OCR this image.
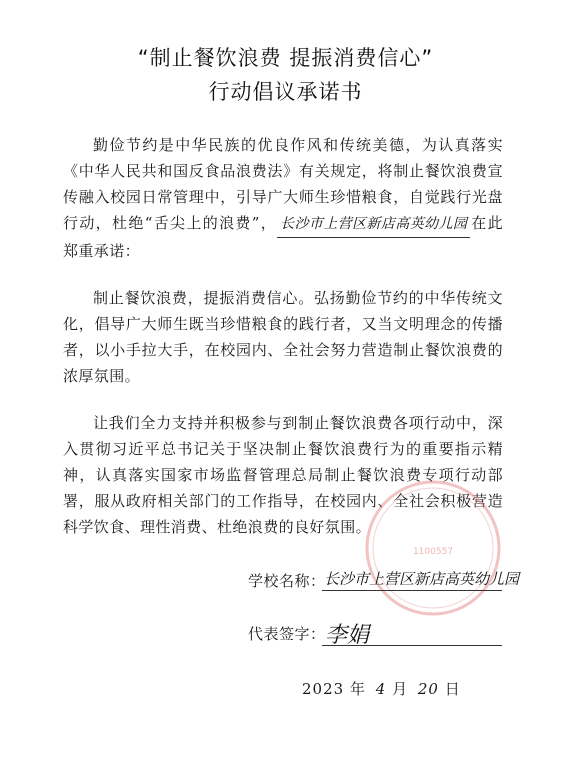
“制止餐饮浪费 提振消费信心”
行动倡议承诺书
勤俭节约是中华民族的优良作风和传统美德，为认真落实《中华人民共和国反食品浪费法》有关规定，将制止餐饮浪费宣传融入校园日常管理中，引导广大师生珍惜粮食，自觉践行光盘行动，杜绝“舌尖上的浪费”， 长沙市上营区新店高英幼儿园 在此郑重承诺：
制止餐饮浪费，提振消费信心。弘扬勤俭节约的中华传统文化，倡导广大师生既当珍惜粮食的践行者，又当文明理念的传播者，以小手拉大手，在校园内、全社会努力营造制止餐饮浪费的浓厚氛围。
让我们全力支持并积极参与到制止餐饮浪费各项行动中，深入贯彻习近平总书记关于坚决制止餐饮浪费行为的重要指示精神，认真落实国家市场监督管理总局制止餐饮浪费专项行动部署，服从政府相关部门的工作指导，在校园内、全社会积极营造科学饮食、理性消费、杜绝浪费的良好氛围。
1100557
学校名称：
长沙市上营区新店高英幼儿园
代表签字： 李娟
2023 年 4 月 20 日
